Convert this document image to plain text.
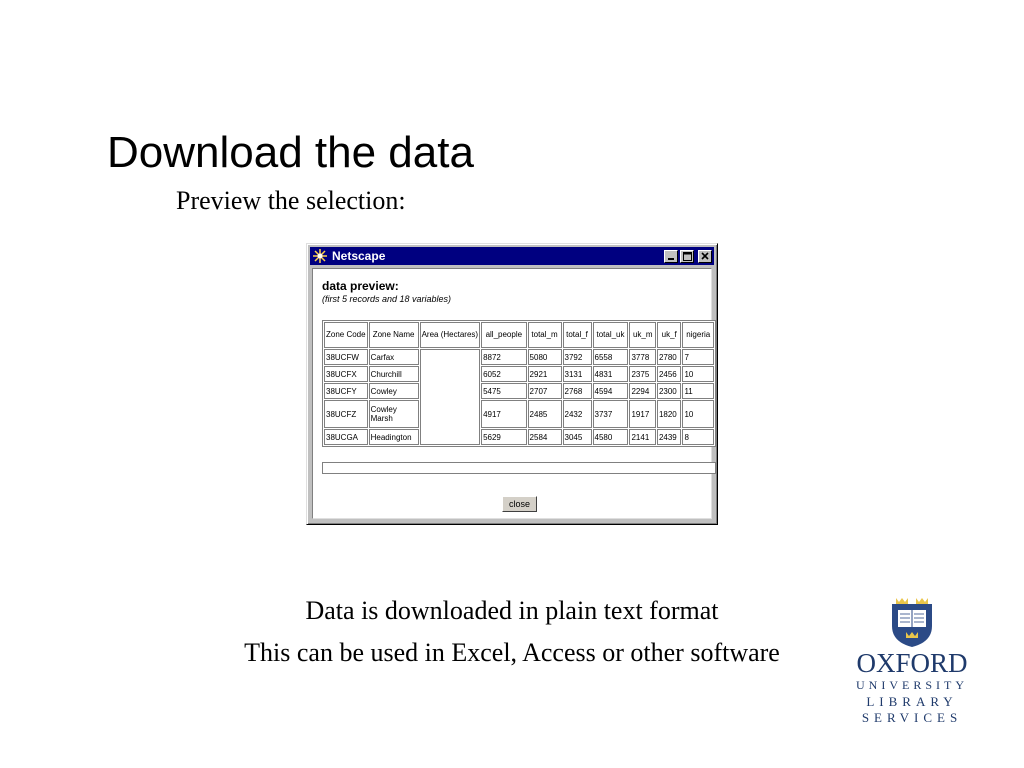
Download the data

Preview the selection:

Netscape

data preview:

(first 5 records and 18 variables)

Zone Code	Zone Name	Area (Hectares)	all_people	total_m	total_f	total_uk	uk_m	uk_f	nigeria
38UCFW	Carfax		8872	5080	3792	6558	3778	2780	7
38UCFX	Churchill		6052	2921	3131	4831	2375	2456	10
38UCFY	Cowley		5475	2707	2768	4594	2294	2300	11
38UCFZ	Cowley Marsh		4917	2485	2432	3737	1917	1820	10
38UCGA	Headington		5629	2584	3045	4580	2141	2439	8
close

Data is downloaded in plain text format

This can be used in Excel, Access or other software	OXFORD

UNIVERSITY

LIBRARY

SERVICES
